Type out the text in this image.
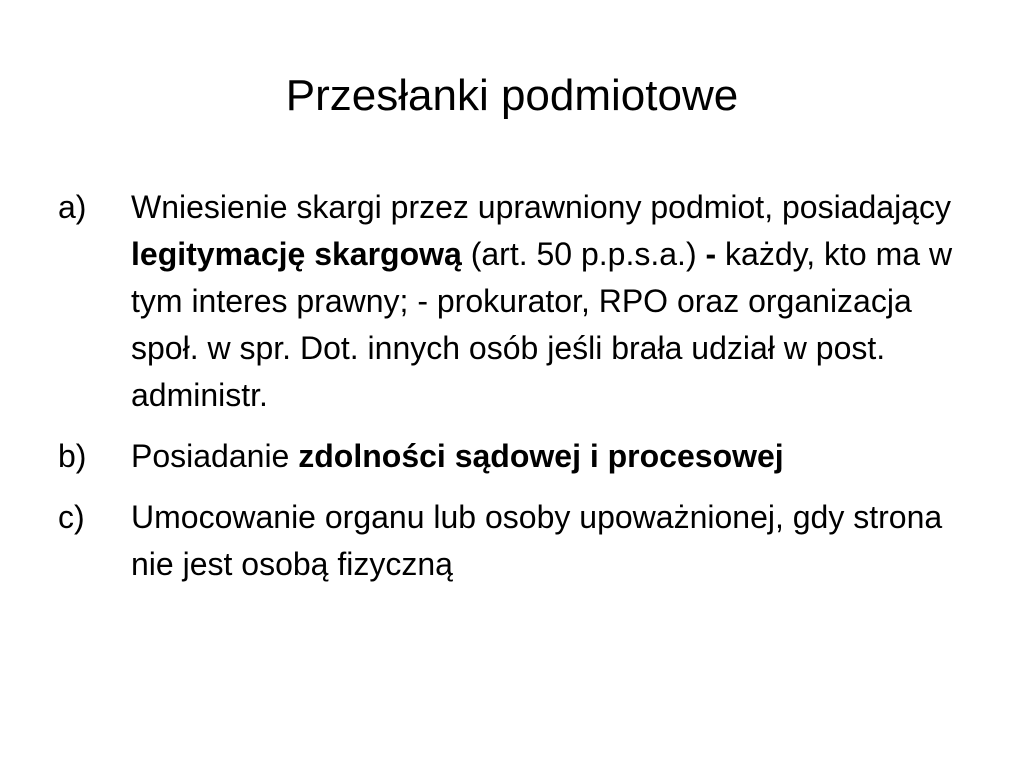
Przesłanki podmiotowe
a) Wniesienie skargi przez uprawniony podmiot, posiadający legitymację skargową (art. 50 p.p.s.a.) - każdy, kto ma w tym interes prawny; - prokurator, RPO oraz organizacja społ. w spr. Dot. innych osób jeśli brała udział w post. administr.
b) Posiadanie zdolności sądowej i procesowej
c) Umocowanie organu lub osoby upoważnionej, gdy strona nie jest osobą fizyczną
